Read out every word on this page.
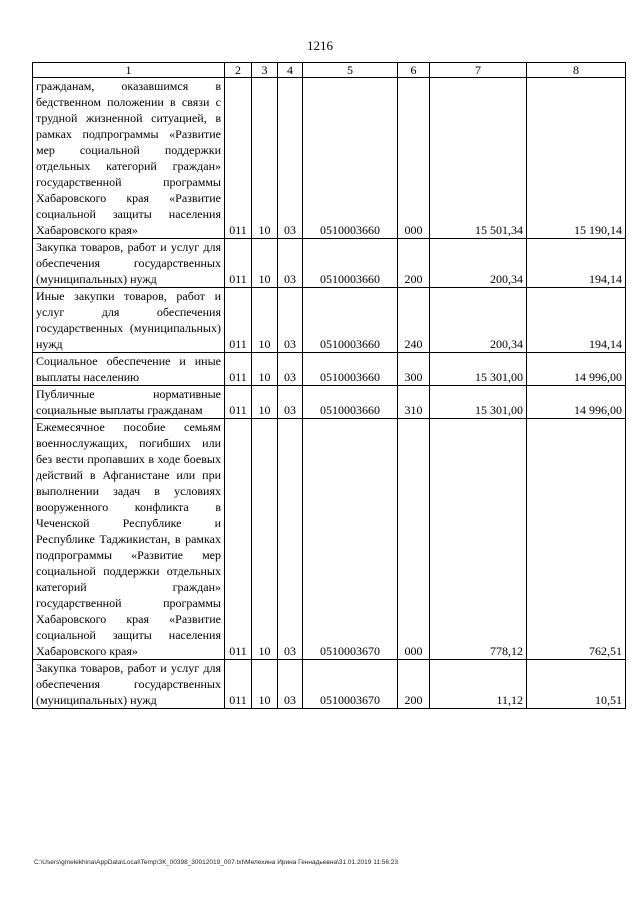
1216
1	2	3	4	5	6	7	8
гражданам, оказавшимся в бедственном положении в связи с трудной жизненной ситуацией, в рамках подпрограммы «Развитие мер социальной поддержки отдельных категорий граждан» государственной программы Хабаровского края «Развитие социальной защиты населения Хабаровского края»	011	10	03	0510003660	000	15 501,34	15 190,14
Закупка товаров, работ и услуг для обеспечения государственных (муниципальных) нужд	011	10	03	0510003660	200	200,34	194,14
Иные закупки товаров, работ и услуг для обеспечения государственных (муниципальных) нужд	011	10	03	0510003660	240	200,34	194,14
Социальное обеспечение и иные выплаты населению	011	10	03	0510003660	300	15 301,00	14 996,00
Публичные нормативные социальные выплаты гражданам	011	10	03	0510003660	310	15 301,00	14 996,00
Ежемесячное пособие семьям военнослужащих, погибших или без вести пропавших в ходе боевых действий в Афганистане или при выполнении задач в условиях вооруженного конфликта в Чеченской Республике и Республике Таджикистан, в рамках подпрограммы «Развитие мер социальной поддержки отдельных категорий граждан» государственной программы Хабаровского края «Развитие социальной защиты населения Хабаровского края»	011	10	03	0510003670	000	778,12	762,51
Закупка товаров, работ и услуг для обеспечения государственных (муниципальных) нужд	011	10	03	0510003670	200	11,12	10,51
C:\Users\gmelekhina\AppData\Local\Temp\ЗК_00398_30012019_007.txt\Мелехина Ирина Геннадьевна\31.01.2019 11:56:23
